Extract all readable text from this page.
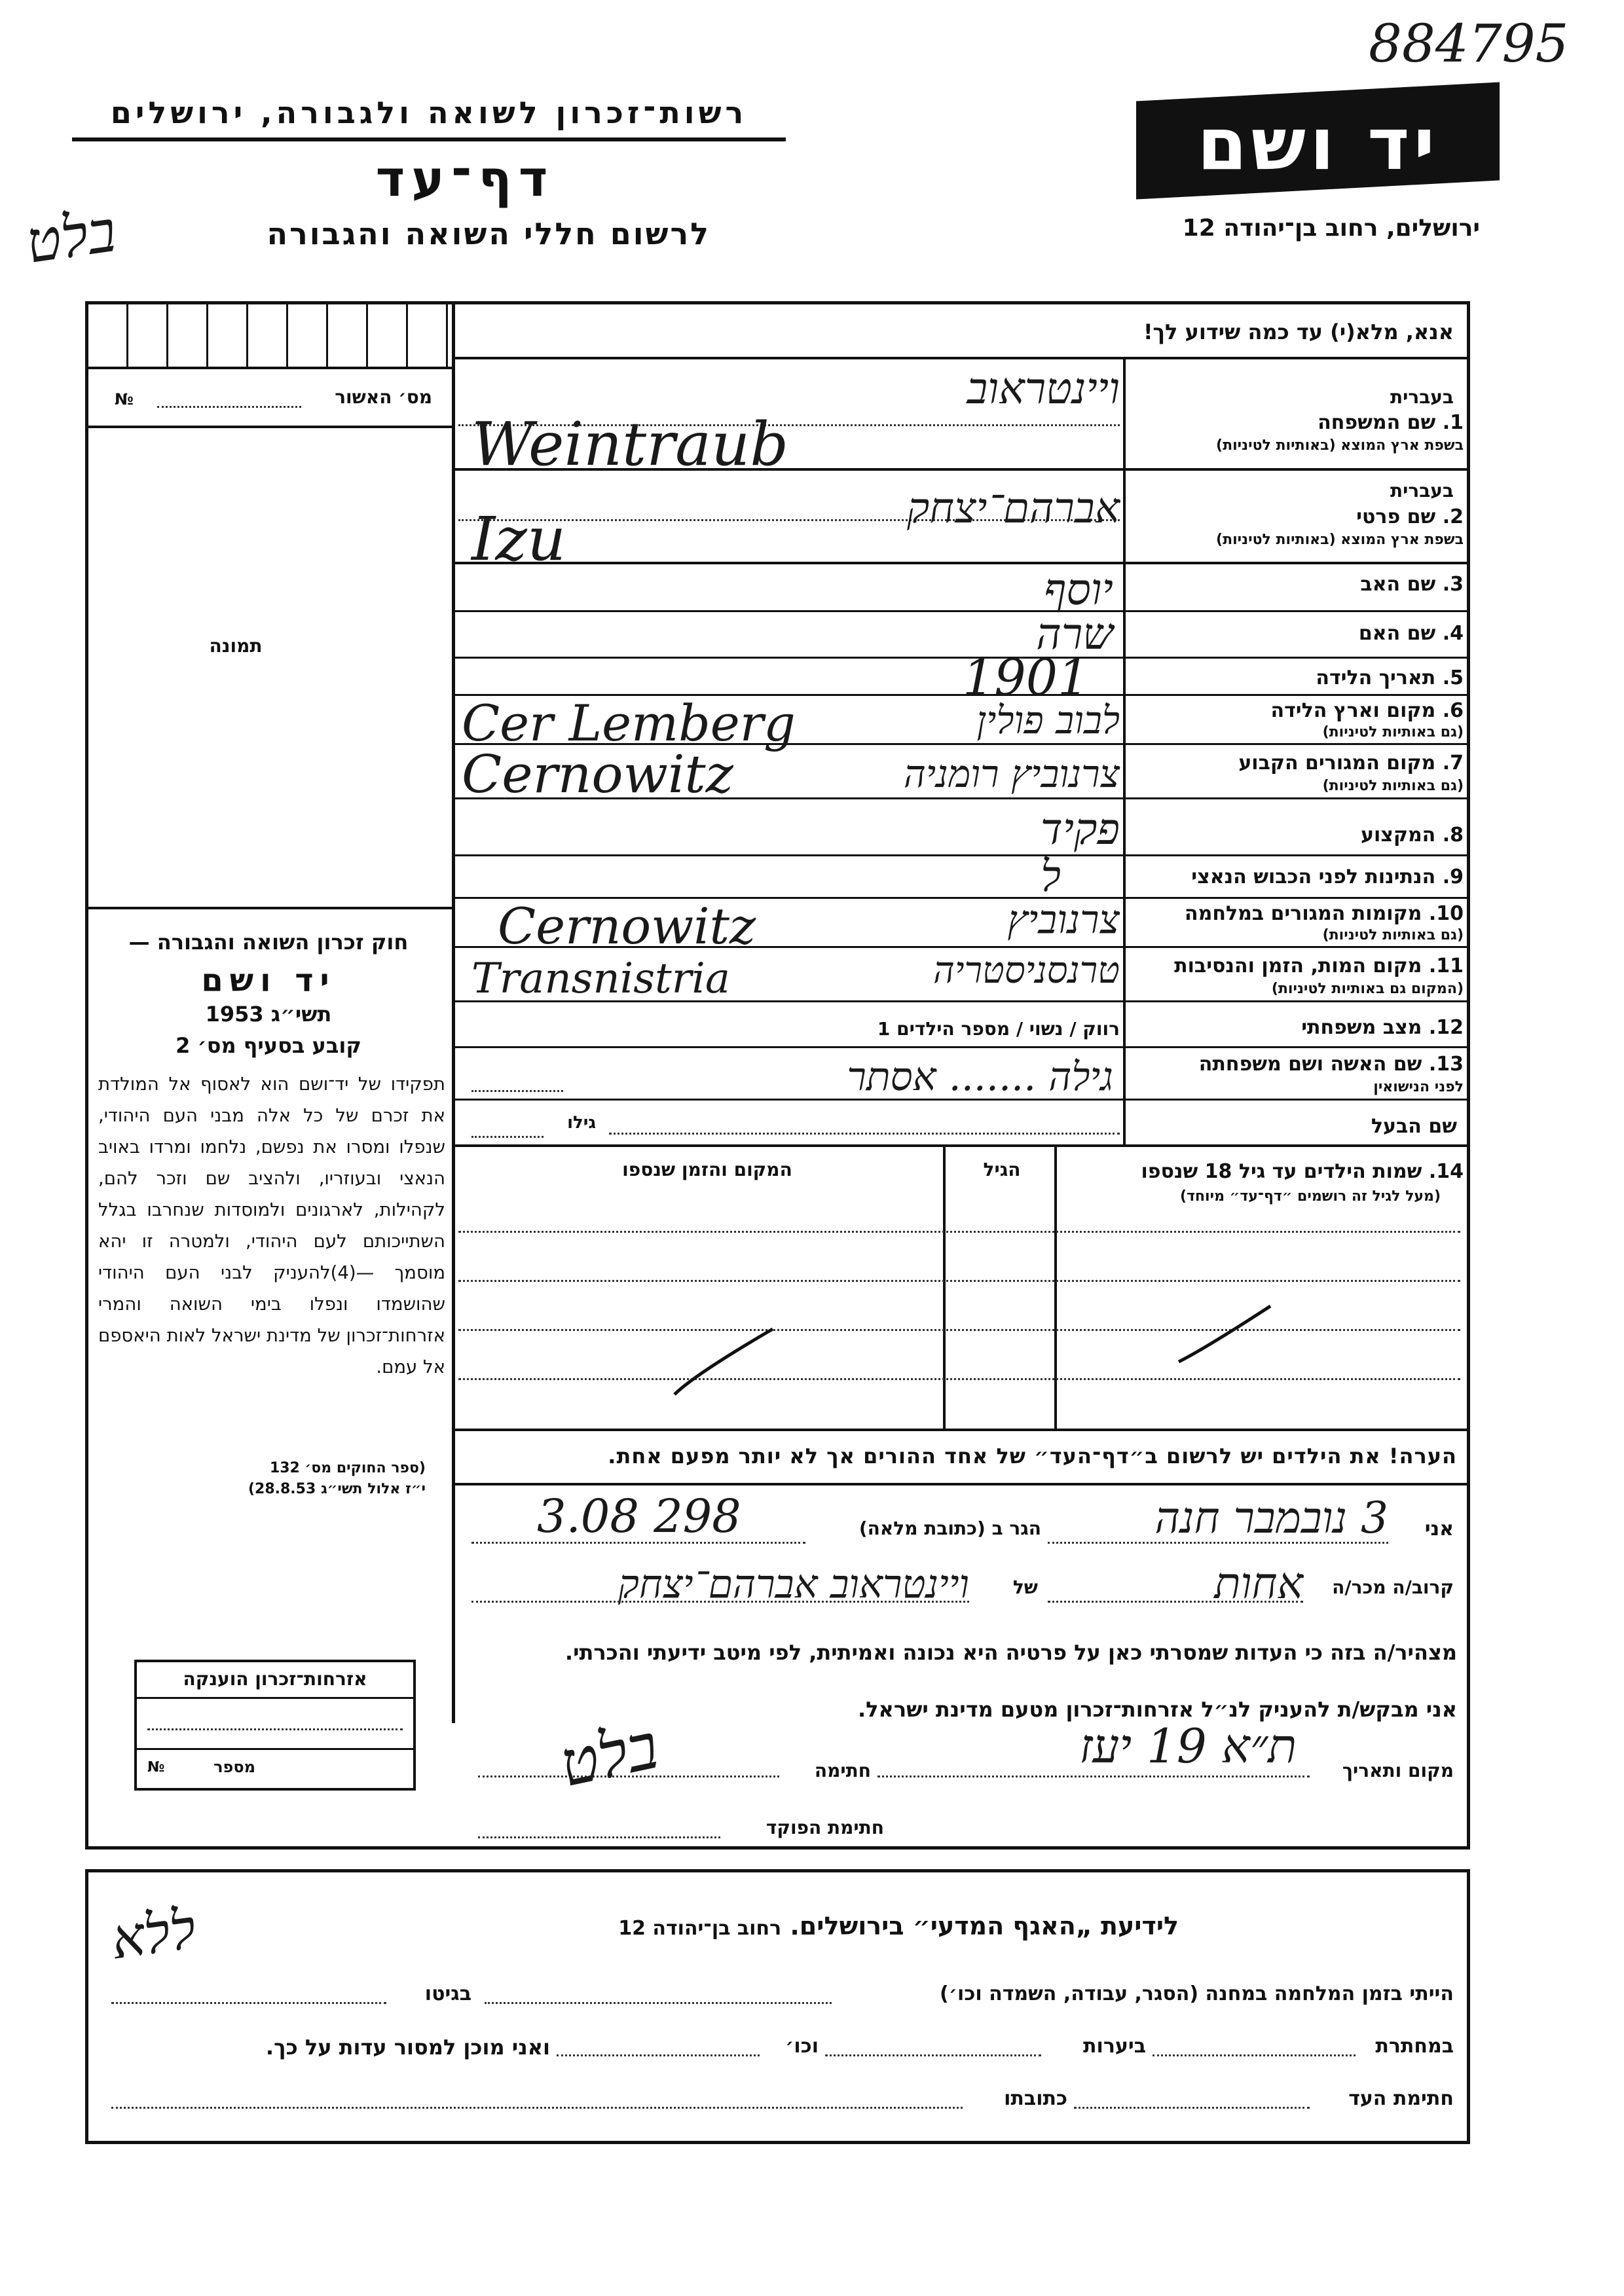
884795
רשות־זכרון לשואה ולגבורה, ירושלים	יד ושם
דף־עד
לרשום חללי השואה והגבורה	ירושלים, רחוב בן־יהודה 12
בלט
מס׳ האשור
№
תמונה
חוק זכרון השואה והגבורה —
יד ושם
תשי״ג 1953
קובע בסעיף מס׳ 2
תפקידו של יד־ושם הוא לאסוף אל המולדת את זכרם של כל אלה מבני העם היהודי, שנפלו ומסרו את נפשם, נלחמו ומרדו באויב הנאצי ובעוזריו, ולהציב שם וזכר להם, לקהילות, לארגונים ולמוסדות שנחרבו בגלל השתייכותם לעם היהודי, ולמטרה זו יהא מוסמך —(4)להעניק לבני העם היהודי שהושמדו ונפלו בימי השואה והמרי אזרחות־זכרון של מדינת ישראל לאות היאספם אל עמם.
(ספר החוקים מס׳ 132
י״ז אלול תשי״ג 28.8.53)
אזרחות־זכרון הוענקה
מספר
№
אנא, מלא(י) עד כמה שידוע לך!
בעברית
1. שם המשפחה
בשפת ארץ המוצא (באותיות לטיניות)
בעברית
2. שם פרטי
בשפת ארץ המוצא (באותיות לטיניות)
3. שם האב
4. שם האם
5. תאריך הלידה
6. מקום וארץ הלידה
(גם באותיות לטיניות)
7. מקום המגורים הקבוע
(גם באותיות לטיניות)
8. המקצוע
9. הנתינות לפני הכבוש הנאצי
10. מקומות המגורים במלחמה
(גם באותיות לטיניות)
11. מקום המות, הזמן והנסיבות
(המקום גם באותיות לטיניות)
12. מצב משפחתי
13. שם האשה ושם משפחתה
לפני הנישואין
שם הבעל
ויינטראוב
Weintraub
אברהם־יצחק
Izu
יוסף
שרה
1901
לבוב פולין
Cer Lemberg
צרנוביץ רומניה
Cernowitz
פקיד
ל
צרנוביץ
Cernowitz
טרנסניסטריה
Transnistria
רווק / נשוי / מספר הילדים 1
גילה ....... אסתר
גילו
14. שמות הילדים עד גיל 18 שנספו
(מעל לגיל זה רושמים ״דף־עד״ מיוחד)
הגיל
המקום והזמן שנספו
הערה! את הילדים יש לרשום ב״דף־העד״ של אחד ההורים אך לא יותר מפעם אחת.
אני
3 נובמבר חנה
הגר ב (כתובת מלאה)
3.08 298
קרוב/ה מכר/ה
אחות
של
ויינטראוב אברהם־יצחק
מצהיר/ה בזה כי העדות שמסרתי כאן על פרטיה היא נכונה ואמיתית, לפי מיטב ידיעתי והכרתי.
אני מבקש/ת להעניק לנ״ל אזרחות־זכרון מטעם מדינת ישראל.
מקום ותאריך
ת״א 19 יעז
חתימה
בלט
חתימת הפוקד
לידיעת „האגף המדעי״ בירושלים. רחוב בן־יהודה 12
ללא
הייתי בזמן המלחמה במחנה (הסגר, עבודה, השמדה וכו׳)
בגיטו
במחתרת
ביערות
וכו׳
ואני מוכן למסור עדות על כך.
חתימת העד
כתובתו
